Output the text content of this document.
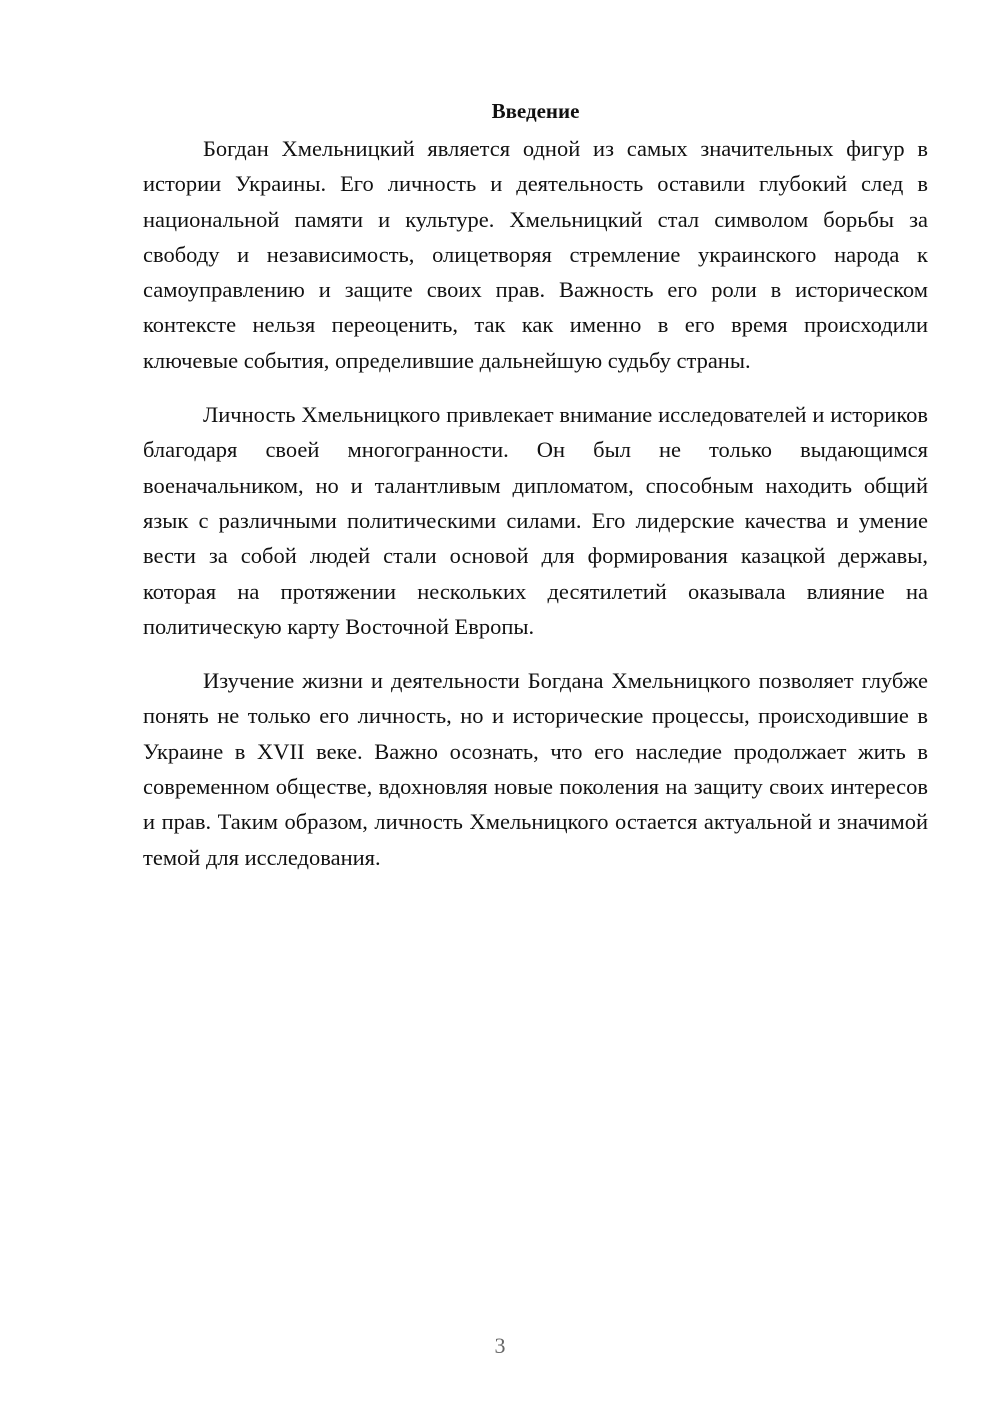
Введение

Богдан Хмельницкий является одной из самых значительных фигур в истории Украины. Его личность и деятельность оставили глубокий след в национальной памяти и культуре. Хмельницкий стал символом борьбы за свободу и независимость, олицетворяя стремление украинского народа к самоуправлению и защите своих прав. Важность его роли в историческом контексте нельзя переоценить, так как именно в его время происходили ключевые события, определившие дальнейшую судьбу страны.

Личность Хмельницкого привлекает внимание исследователей и историков благодаря своей многогранности. Он был не только выдающимся военачальником, но и талантливым дипломатом, способным находить общий язык с различными политическими силами. Его лидерские качества и умение вести за собой людей стали основой для формирования казацкой державы, которая на протяжении нескольких десятилетий оказывала влияние на политическую карту Восточной Европы.

Изучение жизни и деятельности Богдана Хмельницкого позволяет глубже понять не только его личность, но и исторические процессы, происходившие в Украине в XVII веке. Важно осознать, что его наследие продолжает жить в современном обществе, вдохновляя новые поколения на защиту своих интересов и прав. Таким образом, личность Хмельницкого остается актуальной и значимой темой для исследования.

3
